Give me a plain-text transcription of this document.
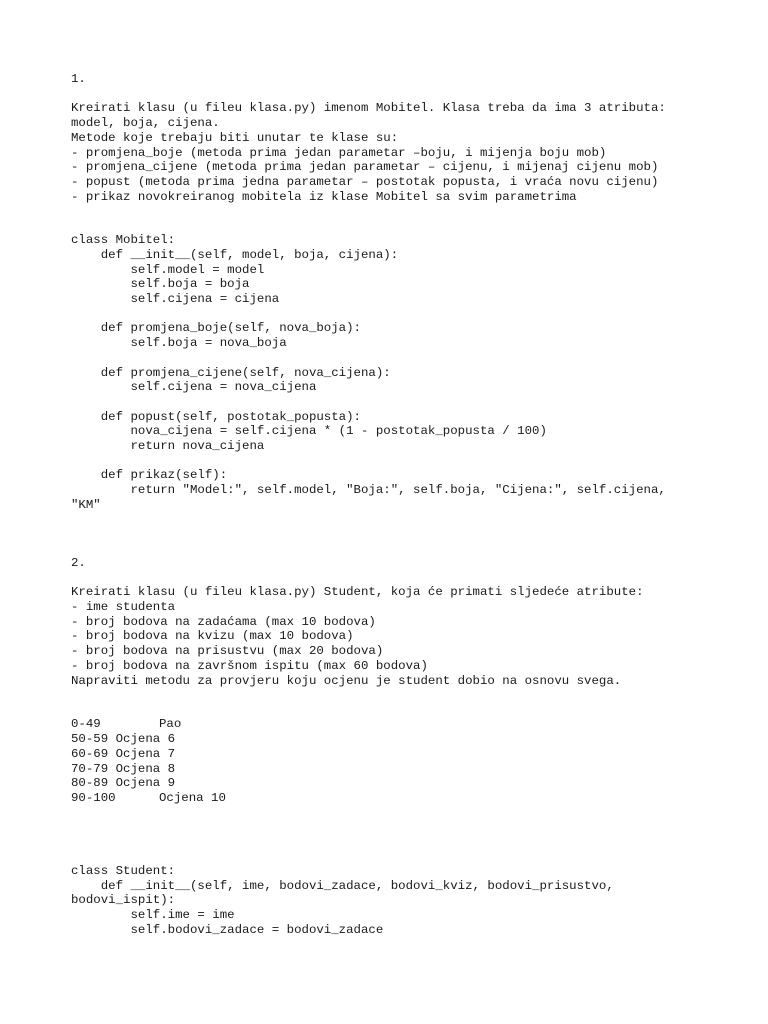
1.

Kreirati klasu (u fileu klasa.py) imenom Mobitel. Klasa treba da ima 3 atributa:

model, boja, cijena.

Metode koje trebaju biti unutar te klase su:

- promjena_boje (metoda prima jedan parametar –boju, i mijenja boju mob)

- promjena_cijene (metoda prima jedan parametar – cijenu, i mijenaj cijenu mob)

- popust (metoda prima jedna parametar – postotak popusta, i vraća novu cijenu)

- prikaz novokreiranog mobitela iz klase Mobitel sa svim parametrima

class Mobitel:

def __init__(self, model, boja, cijena):

self.model = model

self.boja = boja

self.cijena = cijena

def promjena_boje(self, nova_boja):

self.boja = nova_boja

def promjena_cijene(self, nova_cijena):

self.cijena = nova_cijena

def popust(self, postotak_popusta):

nova_cijena = self.cijena * (1 - postotak_popusta / 100)

return nova_cijena

def prikaz(self):

return "Model:", self.model, "Boja:", self.boja, "Cijena:", self.cijena,

"KM"

2.

Kreirati klasu (u fileu klasa.py) Student, koja će primati sljedeće atribute:

- ime studenta

- broj bodova na zadaćama (max 10 bodova)

- broj bodova na kvizu (max 10 bodova)

- broj bodova na prisustvu (max 20 bodova)

- broj bodova na završnom ispitu (max 60 bodova)

Napraviti metodu za provjeru koju ocjenu je student dobio na osnovu svega.

0-49	Pao

50-59 Ocjena 6

60-69 Ocjena 7

70-79 Ocjena 8

80-89 Ocjena 9

90-100	Ocjena 10

class Student:

def __init__(self, ime, bodovi_zadace, bodovi_kviz, bodovi_prisustvo,

bodovi_ispit):

self.ime = ime

self.bodovi_zadace = bodovi_zadace
